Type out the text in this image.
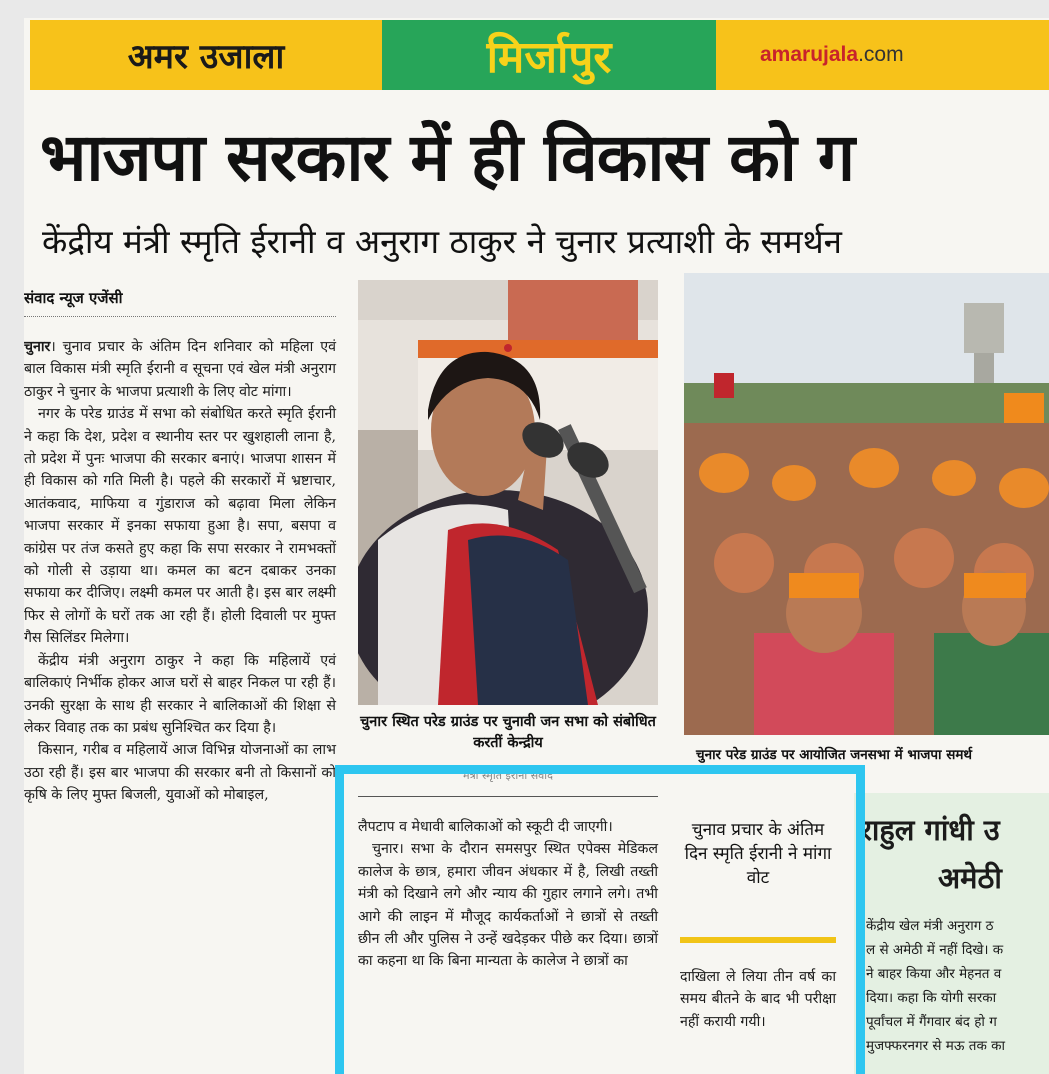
अमर उजाला	मिर्जापुर	amarujala .com
भाजपा सरकार में ही विकास को ग
केंद्रीय मंत्री स्मृति ईरानी व अनुराग ठाकुर ने चुनार प्रत्याशी के समर्थन
संवाद न्यूज एजेंसी

चुनार। चुनाव प्रचार के अंतिम दिन शनिवार को महिला एवं बाल विकास मंत्री स्मृति ईरानी व सूचना एवं खेल मंत्री अनुराग ठाकुर ने चुनार के भाजपा प्रत्याशी के लिए वोट मांगा।

नगर के परेड ग्राउंड में सभा को संबोधित करते स्मृति ईरानी ने कहा कि देश, प्रदेश व स्थानीय स्तर पर खुशहाली लाना है, तो प्रदेश में पुनः भाजपा की सरकार बनाएं। भाजपा शासन में ही विकास को गति मिली है। पहले की सरकारों में भ्रष्टाचार, आतंकवाद, माफिया व गुंडाराज को बढ़ावा मिला लेकिन भाजपा सरकार में इनका सफाया हुआ है। सपा, बसपा व कांग्रेस पर तंज कसते हुए कहा कि सपा सरकार ने रामभक्तों को गोली से उड़ाया था। कमल का बटन दबाकर उनका सफाया कर दीजिए। लक्ष्मी कमल पर आती है। इस बार लक्ष्मी फिर से लोगों के घरों तक आ रही हैं। होली दिवाली पर मुफ्त गैस सिलिंडर मिलेगा।

केंद्रीय मंत्री अनुराग ठाकुर ने कहा कि महिलायें एवं बालिकाएं निर्भीक होकर आज घरों से बाहर निकल पा रही हैं। उनकी सुरक्षा के साथ ही सरकार ने बालिकाओं की शिक्षा से लेकर विवाह तक का प्रबंध सुनिश्चित कर दिया है।

किसान, गरीब व महिलायें आज विभिन्न योजनाओं का लाभ उठा रही हैं। इस बार भाजपा की सरकार बनी तो किसानों को कृषि के लिए मुफ्त बिजली, युवाओं को मोबाइल,

चुनार स्थित परेड ग्राउंड पर चुनावी जन सभा को संबोधित करतीं केन्द्रीय
मंत्री स्मृति ईरानी संवाद
चुनार परेड ग्राउंड पर आयोजित जनसभा में भाजपा समर्थ

लैपटाप व मेधावी बालिकाओं को स्कूटी दी जाएगी।

चुनार। सभा के दौरान समसपुर स्थित एपेक्स मेडिकल कालेज के छात्र, हमारा जीवन अंधकार में है, लिखी तख्ती मंत्री को दिखाने लगे और न्याय की गुहार लगाने लगे। तभी आगे की लाइन में मौजूद कार्यकर्ताओं ने छात्रों से तख्ती छीन ली और पुलिस ने उन्हें खदेड़कर पीछे कर दिया। छात्रों का कहना था कि बिना मान्यता के कालेज ने छात्रों का

चुनाव प्रचार के अंतिम दिन स्मृति ईरानी ने मांगा वोट

दाखिला ले लिया तीन वर्ष का समय बीतने के बाद भी परीक्षा नहीं करायी गयी।

राहुल गांधी उ
अमेठी
केंद्रीय खेल मंत्री अनुराग ठ
ल से अमेठी में नहीं दिखे। क
ने बाहर किया और मेहनत व
दिया। कहा कि योगी सरका
पूर्वांचल में गैंगवार बंद हो ग
मुजफ्फरनगर से मऊ तक का
